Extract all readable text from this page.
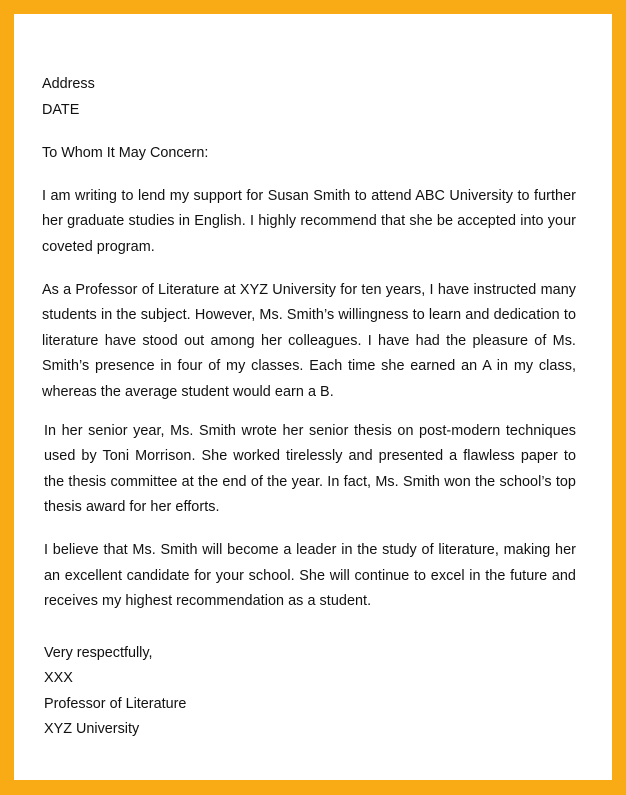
Address
DATE
To Whom It May Concern:

I am writing to lend my support for Susan Smith to attend ABC University to further her graduate studies in English. I highly recommend that she be accepted into your coveted program.

As a Professor of Literature at XYZ University for ten years, I have instructed many students in the subject. However, Ms. Smith’s willingness to learn and dedication to literature have stood out among her colleagues. I have had the pleasure of Ms. Smith’s presence in four of my classes. Each time she earned an A in my class, whereas the average student would earn a B.

In her senior year, Ms. Smith wrote her senior thesis on post-modern techniques used by Toni Morrison. She worked tirelessly and presented a flawless paper to the thesis committee at the end of the year. In fact, Ms. Smith won the school’s top thesis award for her efforts.

I believe that Ms. Smith will become a leader in the study of literature, making her an excellent candidate for your school. She will continue to excel in the future and receives my highest recommendation as a student.

Very respectfully,
XXX
Professor of Literature
XYZ University
